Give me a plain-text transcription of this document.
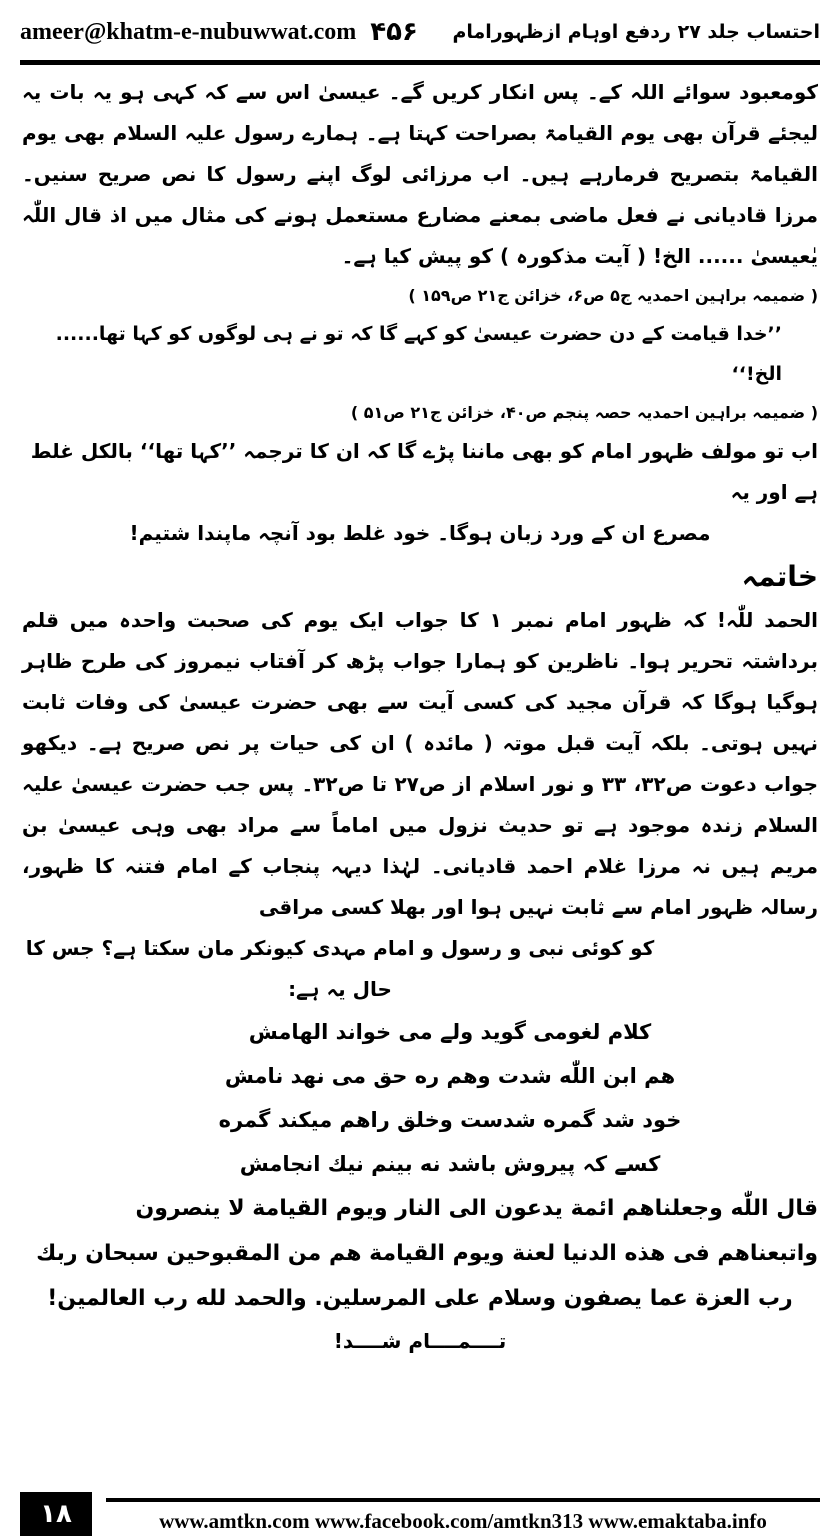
ameer@khatm-e-nubuwwat.com ۴۵۶ احتساب جلد ۲۷ ردفع اوہام ازظہورامام

کومعبود سوائے اللہ کے۔ پس انکار کریں گے۔ عیسیٰ اس سے کہ کہی ہو یہ بات یہ لیجئے قرآن بھی یوم القیامۃ بصراحت کہتا ہے۔ ہمارے رسول علیہ السلام بھی یوم القیامۃ بتصریح فرمارہے ہیں۔ اب مرزائی لوگ اپنے رسول کا نص صریح سنیں۔ مرزا قادیانی نے فعل ماضی بمعنے مضارع مستعمل ہونے کی مثال میں اذ قال اللّٰہ یٰعیسیٰ ...... الخ! ( آیت مذکورہ ) کو پیش کیا ہے۔

( ضمیمہ براہین احمدیہ ج۵ ص۶، خزائن ج۲۱ ص۱۵۹ )

’’خدا قیامت کے دن حضرت عیسیٰ کو کہے گا کہ تو نے ہی لوگوں کو کہا تھا...... الخ!‘‘

( ضمیمہ براہین احمدیہ حصہ پنجم ص۴۰، خزائن ج۲۱ ص۵۱ )

اب تو مولف ظہور امام کو بھی ماننا پڑے گا کہ ان کا ترجمہ ’’کہا تھا‘‘ بالکل غلط ہے اور یہ

مصرع ان کے ورد زبان ہوگا۔ خود غلط بود آنچہ ماپندا شتیم!

خاتمہ

الحمد للّٰہ! کہ ظہور امام نمبر ۱ کا جواب ایک یوم کی صحبت واحدہ میں قلم برداشتہ تحریر ہوا۔ ناظرین کو ہمارا جواب پڑھ کر آفتاب نیمروز کی طرح ظاہر ہوگیا ہوگا کہ قرآن مجید کی کسی آیت سے بھی حضرت عیسیٰ کی وفات ثابت نہیں ہوتی۔ بلکہ آیت قبل موتہ ( مائدہ ) ان کی حیات پر نص صریح ہے۔ دیکھو جواب دعوت ص۳۲، ۳۳ و نور اسلام از ص۲۷ تا ص۳۲۔ پس جب حضرت عیسیٰ علیہ السلام زندہ موجود ہے تو حدیث نزول میں اماماً سے مراد بھی وہی عیسیٰ بن مریم ہیں نہ مرزا غلام احمد قادیانی۔ لہٰذا دیہہ پنجاب کے امام فتنہ کا ظہور، رسالہ ظہور امام سے ثابت نہیں ہوا اور بھلا کسی مراقی

کو کوئی نبی و رسول و امام مہدی کیونکر مان سکتا ہے؟ جس کا حال یہ ہے:

کلام لغومی گوید ولے می خواند الهامش

هم ابن اللّٰه شدت وهم ره حق می نهد نامش

خود شد گمره شدست وخلق راهم میکند گمره

کسے کہ پیروش باشد نه بینم نیك انجامش

قال اللّٰه وجعلناهم ائمة يدعون الى النار ويوم القيامة لا ينصرون

واتبعناهم فى هذه الدنيا لعنة ويوم القيامة هم من المقبوحين سبحان ربك

رب العزة عما يصفون وسلام على المرسلين. والحمد لله رب العالمين!

تــــمــــام شــــد!

۱۸	www.amtkn.com www.facebook.com/amtkn313 www.emaktaba.info
